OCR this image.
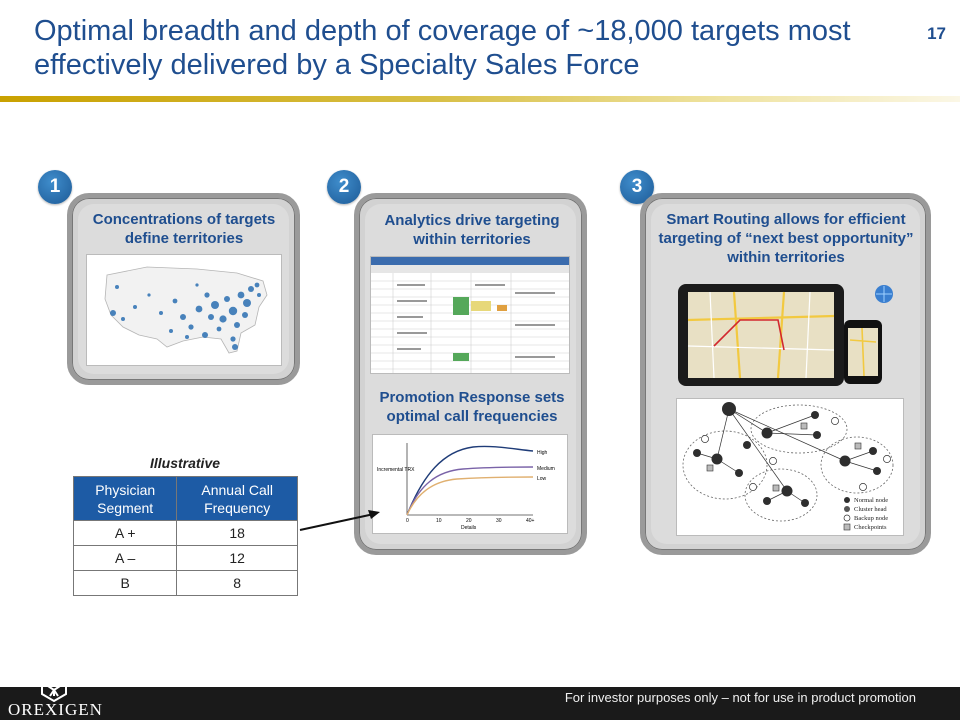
Optimal breadth and depth of coverage of ~18,000 targets most effectively delivered by a Specialty Sales Force
17
1	2	3
Concentrations of targets define territories
Analytics drive targeting within territories
Promotion Response sets optimal call frequencies
High
Medium
Low
Incremental TRX
Details
0	10	20	30	40+
Smart Routing allows for efficient targeting of “next best opportunity” within territories
Normal node
Cluster head
Backup node
Checkpoints
Illustrative
Physician Segment	Annual Call Frequency
A +	18
A –	12
B	8
OREXIGEN
For investor purposes only – not for use in product promotion
